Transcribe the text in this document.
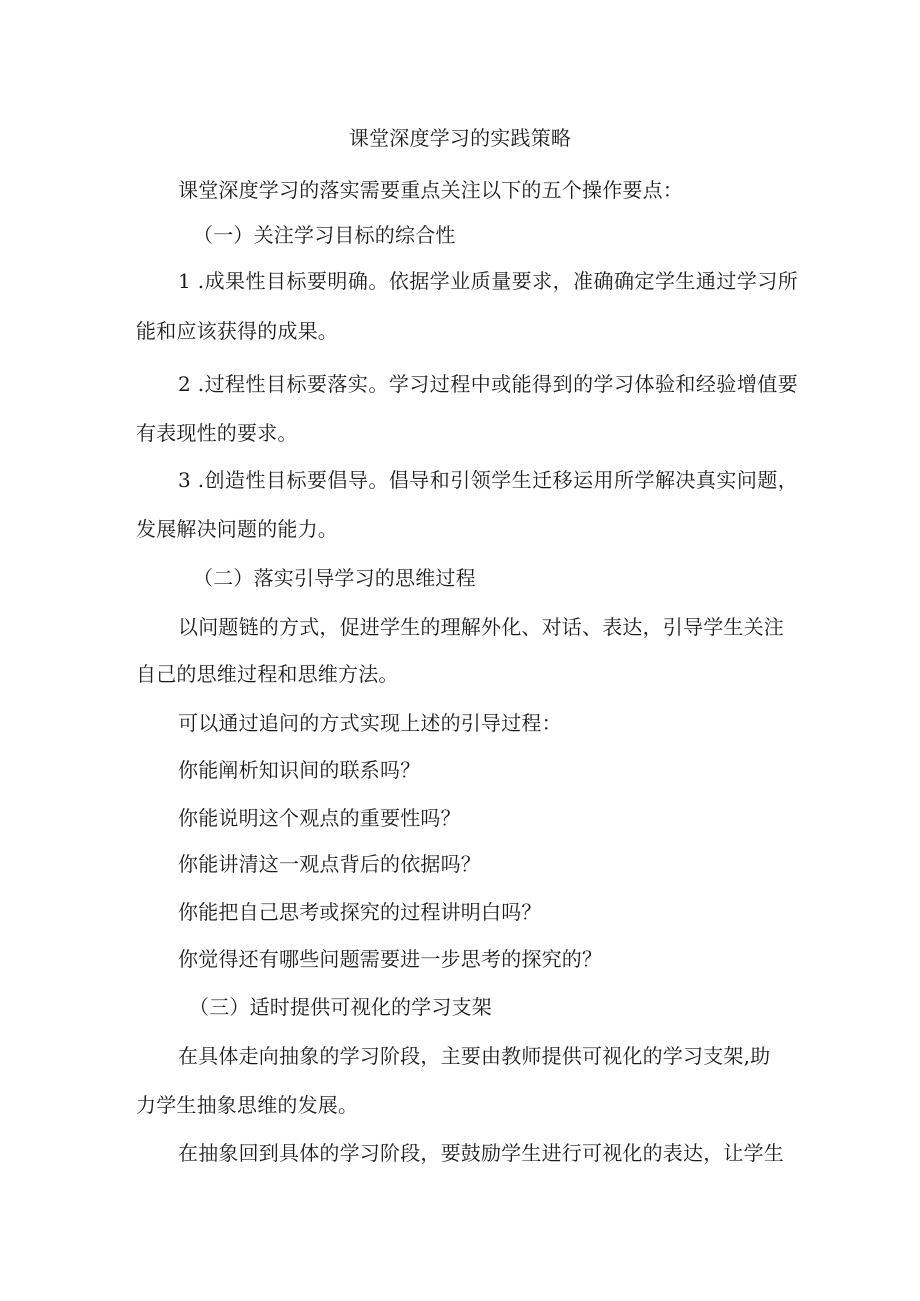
课堂深度学习的实践策略
课堂深度学习的落实需要重点关注以下的五个操作要点：
（一）关注学习目标的综合性
1 .成果性目标要明确。依据学业质量要求，准确确定学生通过学习所
能和应该获得的成果。
2 .过程性目标要落实。学习过程中或能得到的学习体验和经验增值要
有表现性的要求。
3 .创造性目标要倡导。倡导和引领学生迁移运用所学解决真实问题，
发展解决问题的能力。
（二）落实引导学习的思维过程
以问题链的方式，促进学生的理解外化、对话、表达，引导学生关注
自己的思维过程和思维方法。
可以通过追问的方式实现上述的引导过程：
你能阐析知识间的联系吗？
你能说明这个观点的重要性吗？
你能讲清这一观点背后的依据吗？
你能把自己思考或探究的过程讲明白吗？
你觉得还有哪些问题需要进一步思考的探究的？
（三）适时提供可视化的学习支架
在具体走向抽象的学习阶段，主要由教师提供可视化的学习支架,助
力学生抽象思维的发展。
在抽象回到具体的学习阶段，要鼓励学生进行可视化的表达，让学生
